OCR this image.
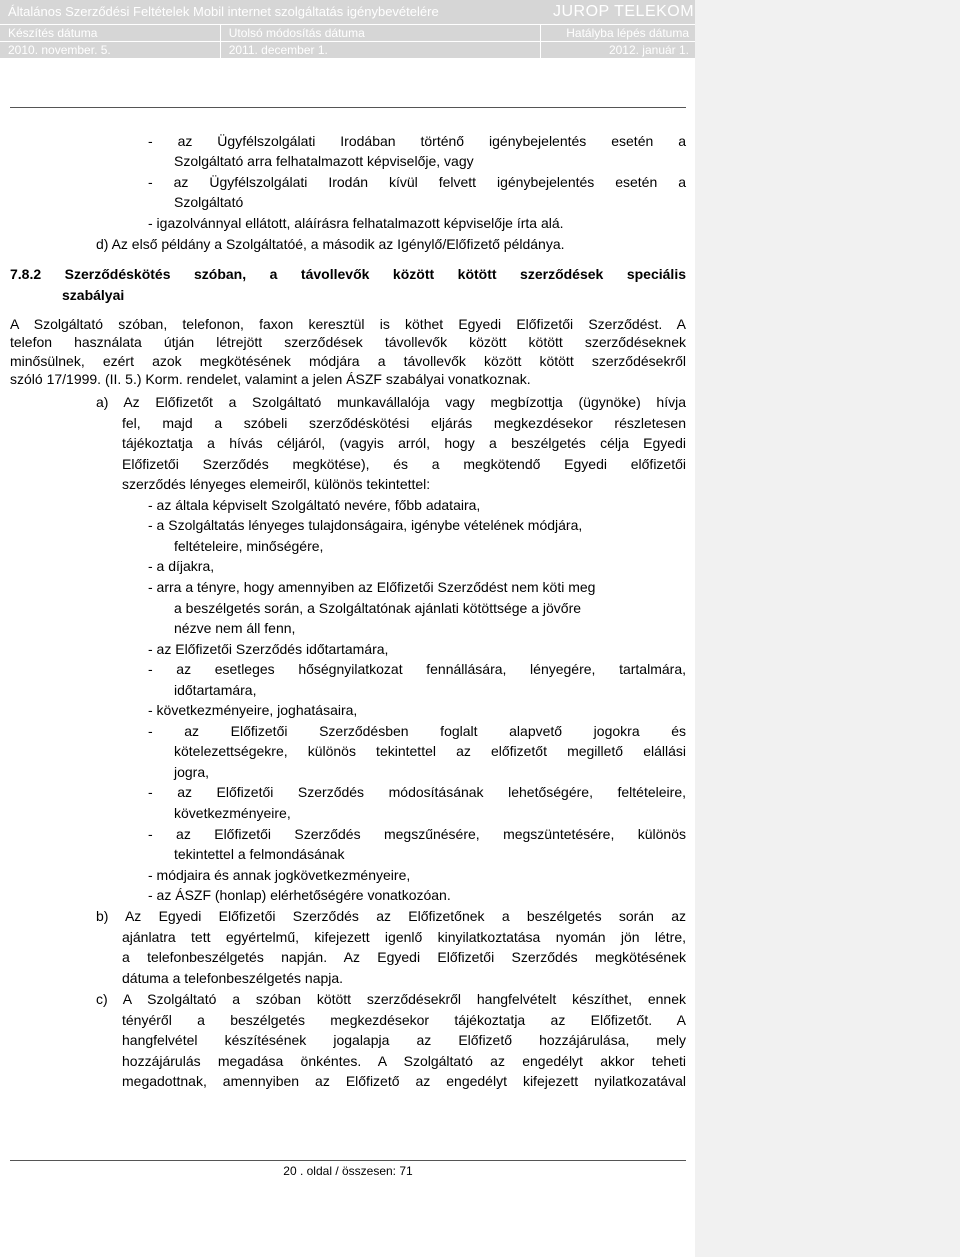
Általános Szerződési Feltételek Mobil internet szolgáltatás igénybevételére	JUROP TELEKOM
Készítés dátuma	Utolsó módosítás dátuma	Hatályba lépés dátuma
2010. november. 5.	2011. december 1.	2012. január 1.
- az Ügyfélszolgálati Irodában történő igénybejelentés esetén a
Szolgáltató arra felhatalmazott képviselője, vagy
- az Ügyfélszolgálati Irodán kívül felvett igénybejelentés esetén a
Szolgáltató
- igazolvánnyal ellátott, aláírásra felhatalmazott képviselője írta alá.
d) Az első példány a Szolgáltatóé, a második az Igénylő/Előfizető példánya.
7.8.2 Szerződéskötés szóban, a távollevők között kötött szerződések speciális
szabályai
A Szolgáltató szóban, telefonon, faxon keresztül is köthet Egyedi Előfizetői Szerződést. A
telefon használata útján létrejött szerződések távollevők között kötött szerződéseknek
minősülnek, ezért azok megkötésének módjára a távollevők között kötött szerződésekről
szóló 17/1999. (II. 5.) Korm. rendelet, valamint a jelen ÁSZF szabályai vonatkoznak.
a) Az Előfizetőt a Szolgáltató munkavállalója vagy megbízottja (ügynöke) hívja
fel, majd a szóbeli szerződéskötési eljárás megkezdésekor részletesen
tájékoztatja a hívás céljáról, (vagyis arról, hogy a beszélgetés célja Egyedi
Előfizetői Szerződés megkötése), és a megkötendő Egyedi előfizetői
szerződés lényeges elemeiről, különös tekintettel:
- az általa képviselt Szolgáltató nevére, főbb adataira,
- a Szolgáltatás lényeges tulajdonságaira, igénybe vételének módjára,
feltételeire, minőségére,
- a díjakra,
- arra a tényre, hogy amennyiben az Előfizetői Szerződést nem köti meg
a beszélgetés során, a Szolgáltatónak ajánlati kötöttsége a jövőre
nézve nem áll fenn,
- az Előfizetői Szerződés időtartamára,
- az esetleges hőségnyilatkozat fennállására, lényegére, tartalmára,
időtartamára,
- következményeire, joghatásaira,
- az Előfizetői Szerződésben foglalt alapvető jogokra és
kötelezettségekre, különös tekintettel az előfizetőt megillető elállási
jogra,
- az Előfizetői Szerződés módosításának lehetőségére, feltételeire,
következményeire,
- az Előfizetői Szerződés megszűnésére, megszüntetésére, különös
tekintettel a felmondásának
- módjaira és annak jogkövetkezményeire,
- az ÁSZF (honlap) elérhetőségére vonatkozóan.
b) Az Egyedi Előfizetői Szerződés az Előfizetőnek a beszélgetés során az
ajánlatra tett egyértelmű, kifejezett igenlő kinyilatkoztatása nyomán jön létre,
a telefonbeszélgetés napján. Az Egyedi Előfizetői Szerződés megkötésének
dátuma a telefonbeszélgetés napja.
c) A Szolgáltató a szóban kötött szerződésekről hangfelvételt készíthet, ennek
tényéről a beszélgetés megkezdésekor tájékoztatja az Előfizetőt. A
hangfelvétel készítésének jogalapja az Előfizető hozzájárulása, mely
hozzájárulás megadása önkéntes. A Szolgáltató az engedélyt akkor teheti
megadottnak, amennyiben az Előfizető az engedélyt kifejezett nyilatkozatával
20 . oldal / összesen: 71
